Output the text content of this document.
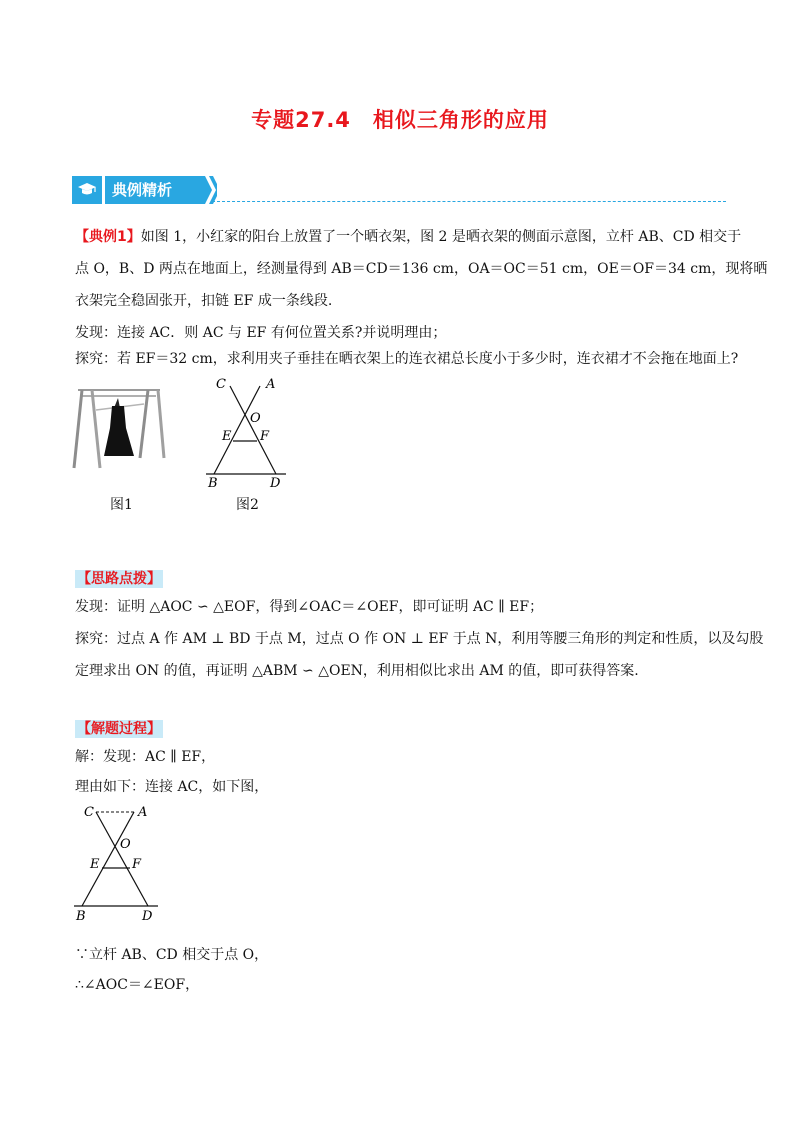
专题27.4　相似三角形的应用
典例精析
【典例1】如图 1，小红家的阳台上放置了一个晒衣架，图 2 是晒衣架的侧面示意图，立杆 AB、CD 相交于
点 O，B、D 两点在地面上，经测量得到 AB＝CD＝136 cm，OA＝OC＝51 cm，OE＝OF＝34 cm，现将晒
衣架完全稳固张开，扣链 EF 成一条线段.
发现：连接 AC．则 AC 与 EF 有何位置关系?并说明理由；
探究：若 EF＝32 cm，求利用夹子垂挂在晒衣架上的连衣裙总长度小于多少时，连衣裙才不会拖在地面上?
图1
C	A
O
E F
B	D
图2
【思路点拨】
发现：证明 △AOC ∽ △EOF，得到∠OAC＝∠OEF，即可证明 AC ∥ EF；
探究：过点 A 作 AM ⊥ BD 于点 M，过点 O 作 ON ⊥ EF 于点 N，利用等腰三角形的判定和性质，以及勾股
定理求出 ON 的值，再证明 △ABM ∽ △OEN，利用相似比求出 AM 的值，即可获得答案.
【解题过程】
解：发现：AC ∥ EF，
理由如下：连接 AC，如下图，
C	A
O
E	F
B	D
∵立杆 AB、CD 相交于点 O，
∴∠AOC＝∠EOF，
